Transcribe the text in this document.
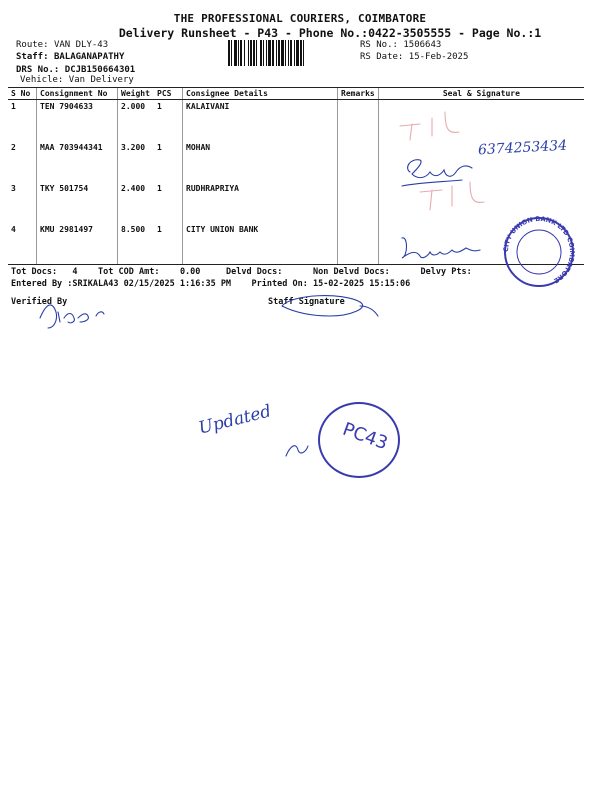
THE PROFESSIONAL COURIERS, COIMBATORE
Delivery Runsheet - P43 - Phone No.:0422-3505555 - Page No.:1
Route: VAN DLY-43
Staff: BALAGANAPATHY
DRS No.: DCJB150664301
Vehicle: Van Delivery
RS No.: 1506643
RS Date: 15-Feb-2025
S No	Consignment No	Weight	PCS	Consignee Details	Remarks	Seal & Signature
1	TEN 7904633	2.000	1	KALAIVANI		
2	MAA 703944341	3.200	1	MOHAN		
3	TKY 501754	2.400	1	RUDHRAPRIYA		
4	KMU 2981497	8.500	1	CITY UNION BANK		
Tot Docs: 4 Tot COD Amt: 0.00	Delvd Docs:	Non Delvd Docs:	Delvy Pts:
Entered By :SRIKALA43 02/15/2025 1:16:35 PM Printed On: 15-02-2025 15:15:06
Verified By	Staff Signature
6374253434
Updated	PC43
CITY UNION BANK LTD COIMBATORE
